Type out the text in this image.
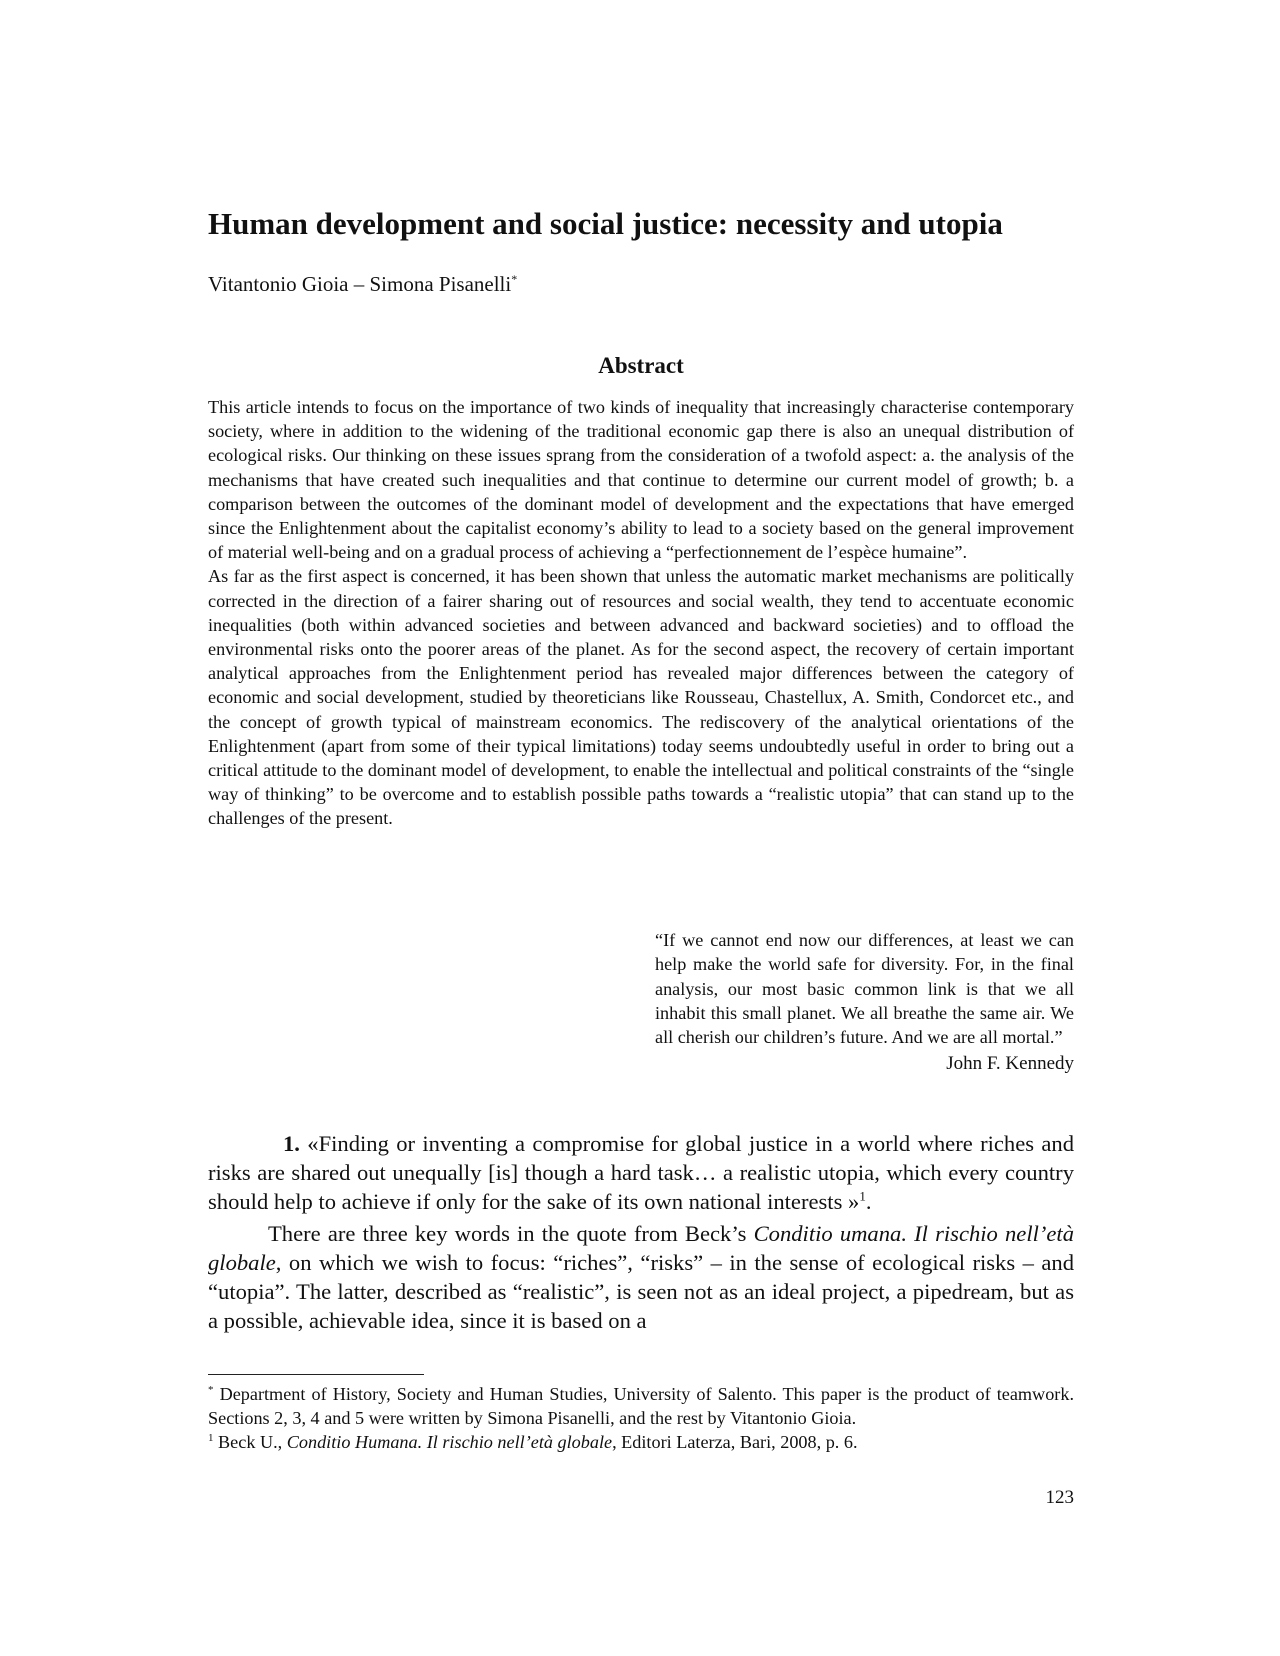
Human development and social justice: necessity and utopia

Vitantonio Gioia – Simona Pisanelli*

Abstract

This article intends to focus on the importance of two kinds of inequality that increasingly characterise contemporary society, where in addition to the widening of the traditional economic gap there is also an unequal distribution of ecological risks. Our thinking on these issues sprang from the consideration of a twofold aspect: a. the analysis of the mechanisms that have created such inequalities and that continue to determine our current model of growth; b. a comparison between the outcomes of the dominant model of development and the expectations that have emerged since the Enlightenment about the capitalist economy’s ability to lead to a society based on the general improvement of material well-being and on a gradual process of achieving a “perfectionnement de l’espèce humaine”.

As far as the first aspect is concerned, it has been shown that unless the automatic market mechanisms are politically corrected in the direction of a fairer sharing out of resources and social wealth, they tend to accentuate economic inequalities (both within advanced societies and between advanced and backward societies) and to offload the environmental risks onto the poorer areas of the planet. As for the second aspect, the recovery of certain important analytical approaches from the Enlightenment period has revealed major differences between the category of economic and social development, studied by theoreticians like Rousseau, Chastellux, A. Smith, Condorcet etc., and the concept of growth typical of mainstream economics. The rediscovery of the analytical orientations of the Enlightenment (apart from some of their typical limitations) today seems undoubtedly useful in order to bring out a critical attitude to the dominant model of development, to enable the intellectual and political constraints of the “single way of thinking” to be overcome and to establish possible paths towards a “realistic utopia” that can stand up to the challenges of the present.

“If we cannot end now our differences, at least we can help make the world safe for diversity. For, in the final analysis, our most basic common link is that we all inhabit this small planet. We all breathe the same air. We all cherish our children’s future. And we are all mortal.”

John F. Kennedy

1. «Finding or inventing a compromise for global justice in a world where riches and risks are shared out unequally [is] though a hard task… a realistic utopia, which every country should help to achieve if only for the sake of its own national interests »$^1$.

There are three key words in the quote from Beck’s Conditio umana. Il rischio nell’età globale, on which we wish to focus: “riches”, “risks” – in the sense of ecological risks – and “utopia”. The latter, described as “realistic”, is seen not as an ideal project, a pipedream, but as a possible, achievable idea, since it is based on a

* Department of History, Society and Human Studies, University of Salento. This paper is the product of teamwork. Sections 2, 3, 4 and 5 were written by Simona Pisanelli, and the rest by Vitantonio Gioia.

$^1$ Beck U., Conditio Humana. Il rischio nell’età globale, Editori Laterza, Bari, 2008, p. 6.

123
